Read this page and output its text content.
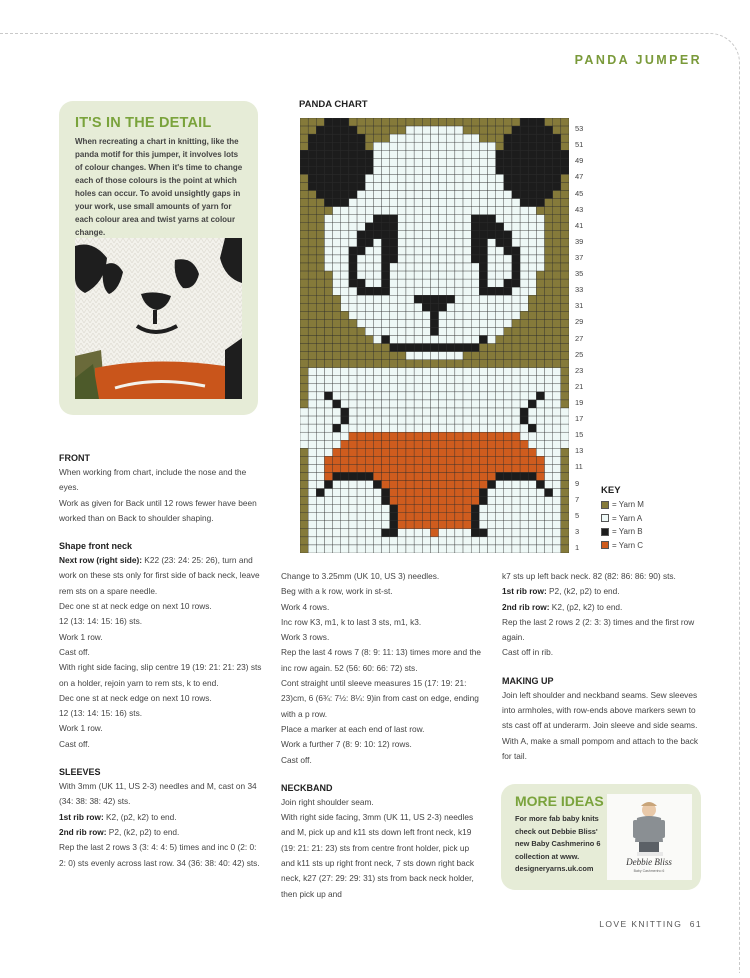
PANDA JUMPER
IT'S IN THE DETAIL

When recreating a chart in knitting, like the panda motif for this jumper, it involves lots of colour changes. When it's time to change each of those colours is the point at which holes can occur. To avoid unsightly gaps in your work, use small amounts of yarn for each colour area and twist yarns at colour change.

PANDA CHART
53
51
49
47
45
43
41
39
37
35
33
31
29
27
25
23
21
19
17
15
13
11
9
7
5
3
1
KEY
= Yarn M
= Yarn A
= Yarn B
= Yarn C
FRONT
When working from chart, include the nose and the eyes.
Work as given for Back until 12 rows fewer have been worked than on Back to shoulder shaping.
Shape front neck
Next row (right side): K22 (23: 24: 25: 26), turn and work on these sts only for first side of back neck, leave rem sts on a spare needle.
Dec one st at neck edge on next 10 rows.
12 (13: 14: 15: 16) sts.
Work 1 row.
Cast off.
With right side facing, slip centre 19 (19: 21: 21: 23) sts on a holder, rejoin yarn to rem sts, k to end.
Dec one st at neck edge on next 10 rows.
12 (13: 14: 15: 16) sts.
Work 1 row.
Cast off.
SLEEVES
With 3mm (UK 11, US 2-3) needles and M, cast on 34 (34: 38: 38: 42) sts.
1st rib row: K2, (p2, k2) to end.
2nd rib row: P2, (k2, p2) to end.
Rep the last 2 rows 3 (3: 4: 4: 5) times and inc 0 (2: 0: 2: 0) sts evenly across last row. 34 (36: 38: 40: 42) sts.
Change to 3.25mm (UK 10, US 3) needles.
Beg with a k row, work in st-st.
Work 4 rows.
Inc row K3, m1, k to last 3 sts, m1, k3.
Work 3 rows.
Rep the last 4 rows 7 (8: 9: 11: 13) times more and the inc row again. 52 (56: 60: 66: 72) sts.
Cont straight until sleeve measures 15 (17: 19: 21: 23)cm, 6 (6¾: 7½: 8¼: 9)in from cast on edge, ending with a p row.
Place a marker at each end of last row.
Work a further 7 (8: 9: 10: 12) rows.
Cast off.
NECKBAND
Join right shoulder seam.
With right side facing, 3mm (UK 11, US 2-3) needles and M, pick up and k11 sts down left front neck, k19 (19: 21: 21: 23) sts from centre front holder, pick up and k11 sts up right front neck, 7 sts down right back neck, k27 (27: 29: 29: 31) sts from back neck holder, then pick up and
k7 sts up left back neck. 82 (82: 86: 86: 90) sts.
1st rib row: P2, (k2, p2) to end.
2nd rib row: K2, (p2, k2) to end.
Rep the last 2 rows 2 (2: 3: 3) times and the first row again.
Cast off in rib.
MAKING UP
Join left shoulder and neckband seams. Sew sleeves into armholes, with row-ends above markers sewn to sts cast off at underarm. Join sleeve and side seams. With A, make a small pompom and attach to the back for tail.
MORE IDEAS

For more fab baby knits check out Debbie Bliss' new Baby Cashmerino 6 collection at www. designeryarns.uk.com

Debbie Bliss
Baby Cashmerino 6
LOVE KNITTING 61
